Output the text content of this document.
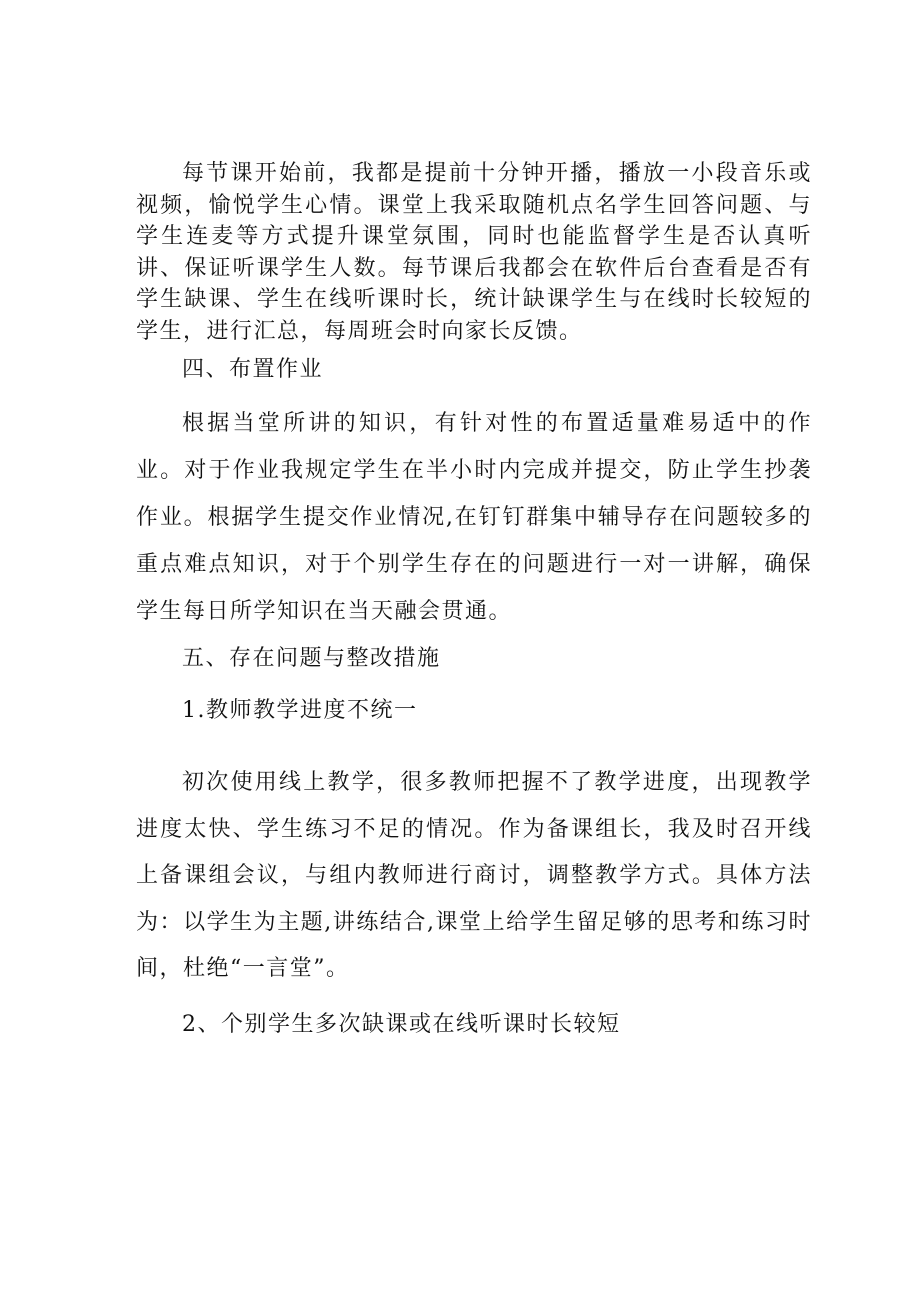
每节课开始前，我都是提前十分钟开播，播放一小段音乐或视频，愉悦学生心情。课堂上我采取随机点名学生回答问题、与学生连麦等方式提升课堂氛围，同时也能监督学生是否认真听讲、保证听课学生人数。每节课后我都会在软件后台查看是否有学生缺课、学生在线听课时长，统计缺课学生与在线时长较短的学生，进行汇总，每周班会时向家长反馈。

四、布置作业

根据当堂所讲的知识，有针对性的布置适量难易适中的作业。对于作业我规定学生在半小时内完成并提交，防止学生抄袭作业。根据学生提交作业情况,在钉钉群集中辅导存在问题较多的重点难点知识，对于个别学生存在的问题进行一对一讲解，确保学生每日所学知识在当天融会贯通。

五、存在问题与整改措施

1.教师教学进度不统一

初次使用线上教学，很多教师把握不了教学进度，出现教学进度太快、学生练习不足的情况。作为备课组长，我及时召开线上备课组会议，与组内教师进行商讨，调整教学方式。具体方法为：以学生为主题,讲练结合,课堂上给学生留足够的思考和练习时间，杜绝“一言堂”。

2、个别学生多次缺课或在线听课时长较短
